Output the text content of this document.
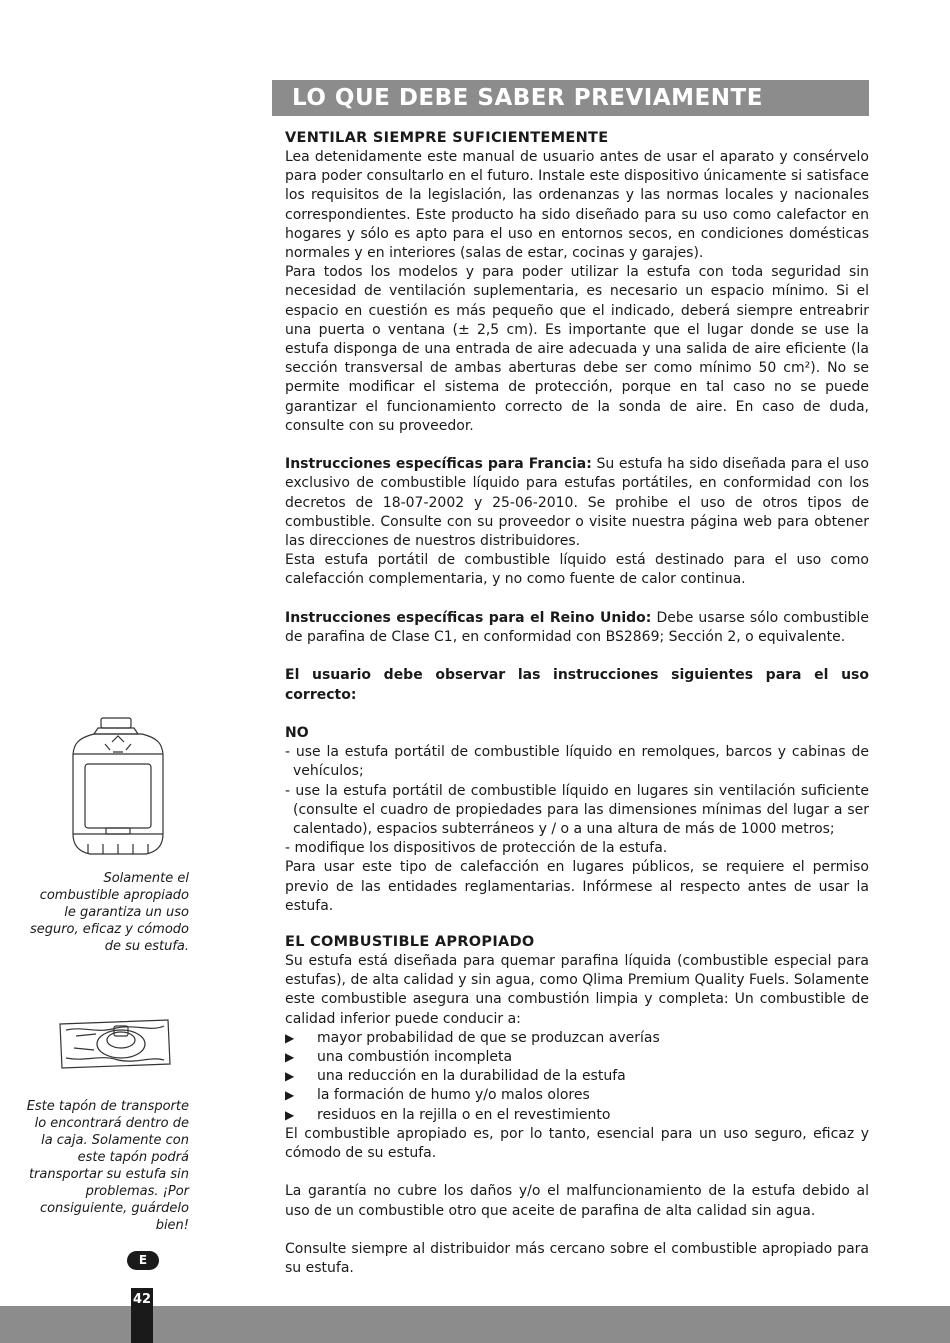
LO QUE DEBE SABER PREVIAMENTE
VENTILAR SIEMPRE SUFICIENTEMENTE

Lea detenidamente este manual de usuario antes de usar el aparato y consérvelo para poder consultarlo en el futuro. Instale este dispositivo únicamente si satisface los requisitos de la legislación, las ordenanzas y las normas locales y nacionales correspondientes. Este producto ha sido diseñado para su uso como calefactor en hogares y sólo es apto para el uso en entornos secos, en condiciones domésticas normales y en interiores (salas de estar, cocinas y garajes).

Para todos los modelos y para poder utilizar la estufa con toda seguridad sin necesidad de ventilación suplementaria, es necesario un espacio mínimo. Si el espacio en cuestión es más pequeño que el indicado, deberá siempre entreabrir una puerta o ventana (± 2,5 cm). Es importante que el lugar donde se use la estufa disponga de una entrada de aire adecuada y una salida de aire eficiente (la sección transversal de ambas aberturas debe ser como mínimo 50 cm²). No se permite modificar el sistema de protección, porque en tal caso no se puede garantizar el funcionamiento correcto de la sonda de aire. En caso de duda, consulte con su proveedor.

Instrucciones específicas para Francia: Su estufa ha sido diseñada para el uso exclusivo de combustible líquido para estufas portátiles, en conformidad con los decretos de 18-07-2002 y 25-06-2010. Se prohibe el uso de otros tipos de combustible. Consulte con su proveedor o visite nuestra página web para obtener las direcciones de nuestros distribuidores.

Esta estufa portátil de combustible líquido está destinado para el uso como calefacción complementaria, y no como fuente de calor continua.

Instrucciones específicas para el Reino Unido: Debe usarse sólo combustible de parafina de Clase C1, en conformidad con BS2869; Sección 2, o equivalente.

El usuario debe observar las instrucciones siguientes para el uso correcto:

NO

- use la estufa portátil de combustible líquido en remolques, barcos y cabinas de vehículos;

- use la estufa portátil de combustible líquido en lugares sin ventilación suficiente (consulte el cuadro de propiedades para las dimensiones mínimas del lugar a ser calentado), espacios subterráneos y / o a una altura de más de 1000 metros;

- modifique los dispositivos de protección de la estufa.

Para usar este tipo de calefacción en lugares públicos, se requiere el permiso previo de las entidades reglamentarias. Infórmese al respecto antes de usar la estufa.

EL COMBUSTIBLE APROPIADO

Su estufa está diseñada para quemar parafina líquida (combustible especial para estufas), de alta calidad y sin agua, como Qlima Premium Quality Fuels. Solamente este combustible asegura una combustión limpia y completa: Un combustible de calidad inferior puede conducir a:

▶	mayor probabilidad de que se produzcan averías
▶	una combustión incompleta
▶	una reducción en la durabilidad de la estufa
▶	la formación de humo y/o malos olores
▶	residuos en la rejilla o en el revestimiento

El combustible apropiado es, por lo tanto, esencial para un uso seguro, eficaz y cómodo de su estufa.

La garantía no cubre los daños y/o el malfuncionamiento de la estufa debido al uso de un combustible otro que aceite de parafina de alta calidad sin agua.

Consulte siempre al distribuidor más cercano sobre el combustible apropiado para su estufa.

Solamente el combustible apropiado le garantiza un uso seguro, eficaz y cómodo de su estufa.
Este tapón de transporte lo encontrará dentro de la caja. Solamente con este tapón podrá transportar su estufa sin problemas. ¡Por consiguiente, guárdelo bien!
E
42
